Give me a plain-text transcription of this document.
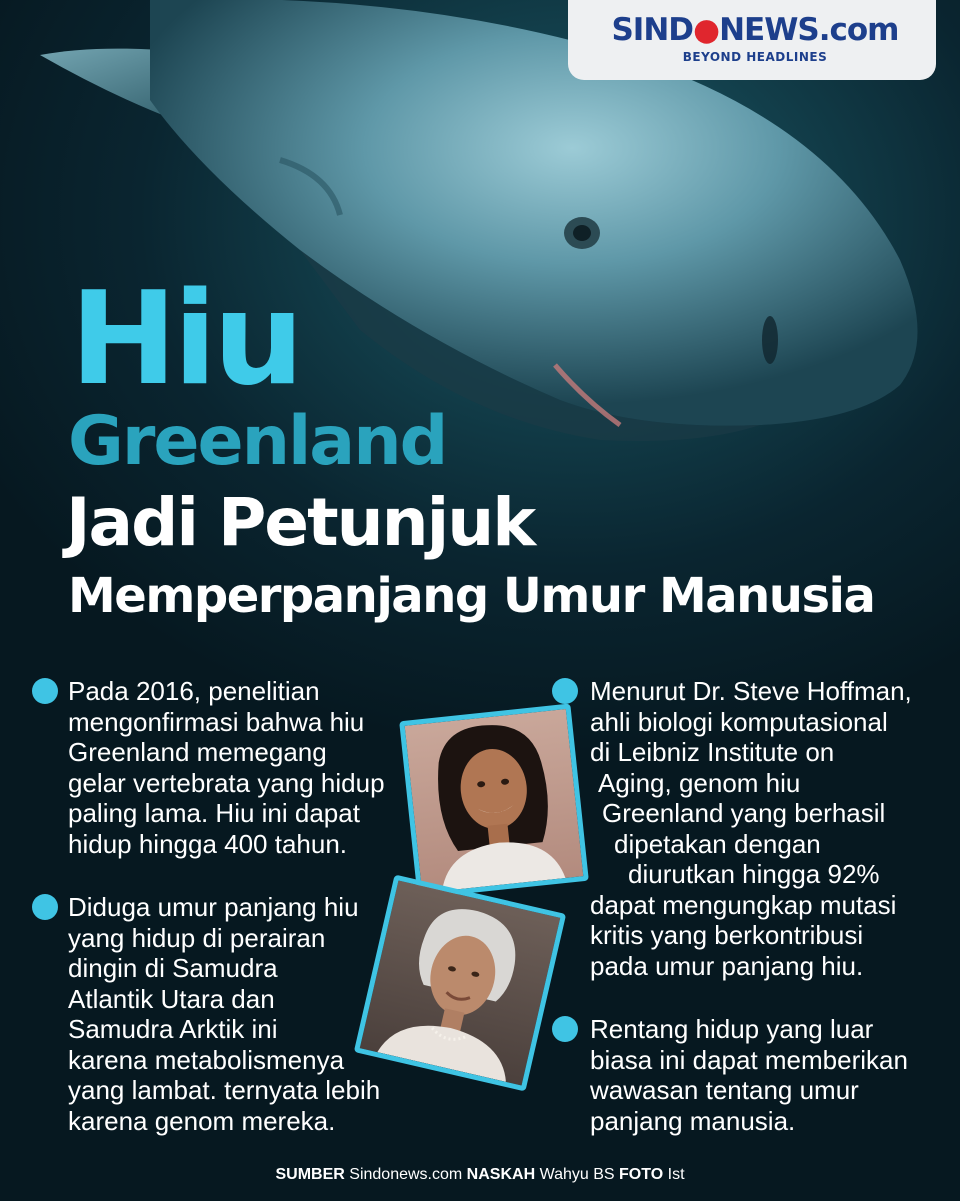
SIND●NEWS.com
BEYOND HEADLINES
Hiu
Greenland
Jadi Petunjuk
Memperpanjang Umur Manusia
Pada 2016, penelitian
mengonfirmasi bahwa hiu
Greenland memegang
gelar vertebrata yang hidup
paling lama. Hiu ini dapat
hidup hingga 400 tahun.
Diduga umur panjang hiu
yang hidup di perairan
dingin di Samudra
Atlantik Utara dan
Samudra Arktik ini
karena metabolismenya
yang lambat. ternyata lebih
karena genom mereka.
Menurut Dr. Steve Hoffman,
ahli biologi komputasional
di Leibniz Institute on
Aging, genom hiu
Greenland yang berhasil
dipetakan dengan
diurutkan hingga 92%
dapat mengungkap mutasi
kritis yang berkontribusi
pada umur panjang hiu.
Rentang hidup yang luar
biasa ini dapat memberikan
wawasan tentang umur
panjang manusia.
SUMBER Sindonews.com NASKAH Wahyu BS FOTO Ist
